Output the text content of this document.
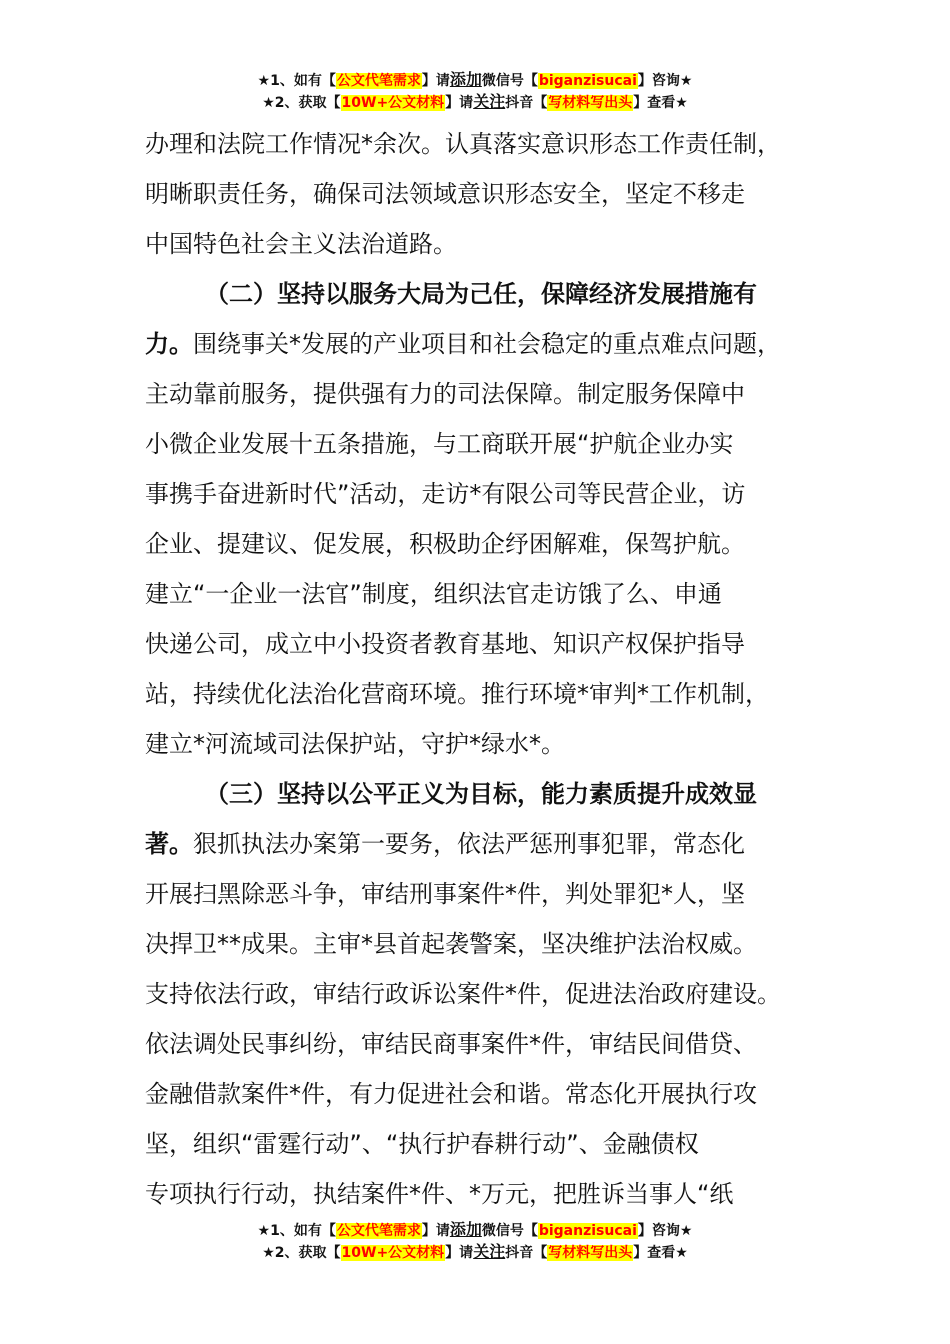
★1、如有【公文代笔需求】请添加微信号【biganzisucai】咨询★
★2、获取【10W+公文材料】请关注抖音【写材料写出头】查看★
办理和法院工作情况*余次。认真落实意识形态工作责任制，
明晰职责任务，确保司法领域意识形态安全，坚定不移走
中国特色社会主义法治道路。
（二）坚持以服务大局为己任，保障经济发展措施有
力。围绕事关*发展的产业项目和社会稳定的重点难点问题，
主动靠前服务，提供强有力的司法保障。制定服务保障中
小微企业发展十五条措施，与工商联开展“护航企业办实
事携手奋进新时代”活动，走访*有限公司等民营企业，访
企业、提建议、促发展，积极助企纾困解难，保驾护航。
建立“一企业一法官”制度，组织法官走访饿了么、申通
快递公司，成立中小投资者教育基地、知识产权保护指导
站，持续优化法治化营商环境。推行环境*审判*工作机制，
建立*河流域司法保护站，守护*绿水*。
（三）坚持以公平正义为目标，能力素质提升成效显
著。狠抓执法办案第一要务，依法严惩刑事犯罪，常态化
开展扫黑除恶斗争，审结刑事案件*件，判处罪犯*人，坚
决捍卫**成果。主审*县首起袭警案，坚决维护法治权威。
支持依法行政，审结行政诉讼案件*件，促进法治政府建设。
依法调处民事纠纷，审结民商事案件*件，审结民间借贷、
金融借款案件*件，有力促进社会和谐。常态化开展执行攻
坚，组织“雷霆行动”、“执行护春耕行动”、金融债权
专项执行行动，执结案件*件、*万元，把胜诉当事人“纸
★1、如有【公文代笔需求】请添加微信号【biganzisucai】咨询★
★2、获取【10W+公文材料】请关注抖音【写材料写出头】查看★
